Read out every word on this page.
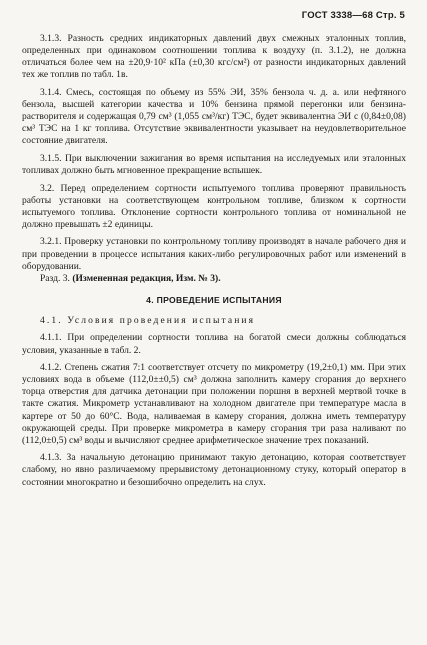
ГОСТ 3338—68 Стр. 5

3.1.3. Разность средних индикаторных давлений двух смежных эталонных топлив, определенных при одинаковом соотношении топлива к воздуху (п. 3.1.2), не должна отличаться более чем на ±20,9·10² кПа (±0,30 кгс/см²) от разности индикаторных давлений тех же топлив по табл. 1в.

3.1.4. Смесь, состоящая по объему из 55% ЭИ, 35% бензола ч. д. а. или нефтяного бензола, высшей категории качества и 10% бензина прямой перегонки или бензина-растворителя и содержащая 0,79 см³ (1,055 см³/кг) ТЭС, будет эквивалентна ЭИ с (0,84±0,08) см³ ТЭС на 1 кг топлива. Отсутствие эквивалентности указывает на неудовлетворительное состояние двигателя.

3.1.5. При выключении зажигания во время испытания на исследуемых или эталонных топливах должно быть мгновенное прекращение вспышек.

3.2. Перед определением сортности испытуемого топлива проверяют правильность работы установки на соответствующем контрольном топливе, близком к сортности испытуемого топлива. Отклонение сортности контрольного топлива от номинальной не должно превышать ±2 единицы.

3.2.1. Проверку установки по контрольному топливу производят в начале рабочего дня и при проведении в процессе испытания каких-либо регулировочных работ или изменений в оборудовании.

Разд. 3. (Измененная редакция, Изм. № 3).

4. ПРОВЕДЕНИЕ ИСПЫТАНИЯ

4.1. Условия проведения испытания

4.1.1. При определении сортности топлива на богатой смеси должны соблюдаться условия, указанные в табл. 2.

4.1.2. Степень сжатия 7:1 соответствует отсчету по микрометру (19,2±0,1) мм. При этих условиях вода в объеме (112,0±±0,5) см³ должна заполнить камеру сгорания до верхнего торца отверстия для датчика детонации при положении поршня в верхней мертвой точке в такте сжатия. Микрометр устанавливают на холодном двигателе при температуре масла в картере от 50 до 60°С. Вода, наливаемая в камеру сгорания, должна иметь температуру окружающей среды. При проверке микрометра в камеру сгорания три раза наливают по (112,0±0,5) см³ воды и вычисляют среднее арифметическое значение трех показаний.

4.1.3. За начальную детонацию принимают такую детонацию, которая соответствует слабому, но явно различаемому прерывистому детонационному стуку, который оператор в состоянии многократно и безошибочно определить на слух.
